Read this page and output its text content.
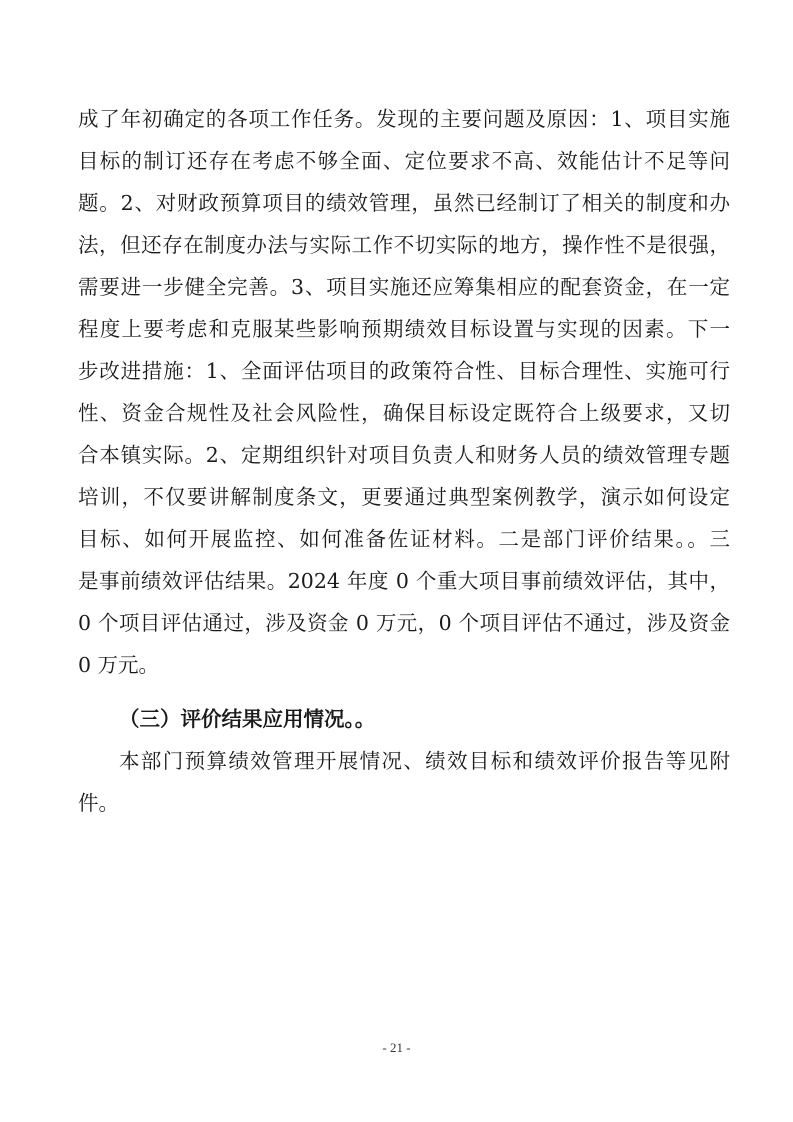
成了年初确定的各项工作任务。发现的主要问题及原因：1、项目实施
目标的制订还存在考虑不够全面、定位要求不高、效能估计不足等问
题。2、对财政预算项目的绩效管理，虽然已经制订了相关的制度和办
法，但还存在制度办法与实际工作不切实际的地方，操作性不是很强，
需要进一步健全完善。3、项目实施还应筹集相应的配套资金，在一定
程度上要考虑和克服某些影响预期绩效目标设置与实现的因素。下一
步改进措施：1、全面评估项目的政策符合性、目标合理性、实施可行
性、资金合规性及社会风险性，确保目标设定既符合上级要求，又切
合本镇实际。2、定期组织针对项目负责人和财务人员的绩效管理专题
培训，不仅要讲解制度条文，更要通过典型案例教学，演示如何设定
目标、如何开展监控、如何准备佐证材料。二是部门评价结果。。三
是事前绩效评估结果。2024 年度 0 个重大项目事前绩效评估，其中，
0 个项目评估通过，涉及资金 0 万元，0 个项目评估不通过，涉及资金
0 万元。
（三）评价结果应用情况。。
本部门预算绩效管理开展情况、绩效目标和绩效评价报告等见附
件。
- 21 -
